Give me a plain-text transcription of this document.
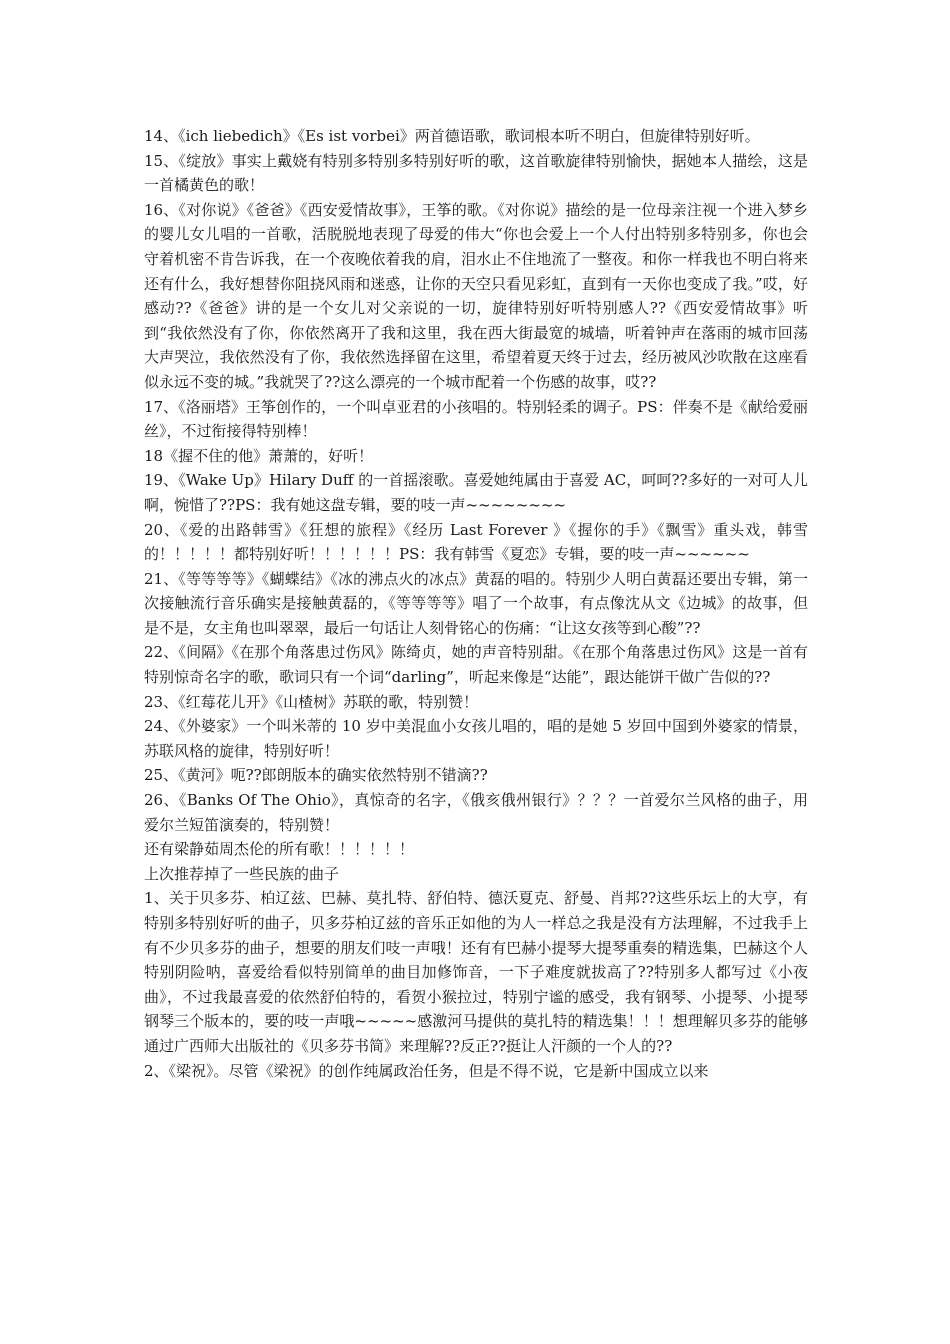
14、《ich liebedich》《Es ist vorbei》两首德语歌，歌词根本听不明白，但旋律特别好听。

15、《绽放》事实上戴娆有特别多特别多特别好听的歌，这首歌旋律特别愉快，据她本人描绘，这是一首橘黄色的歌！

16、《对你说》《爸爸》《西安爱情故事》，王筝的歌。《对你说》描绘的是一位母亲注视一个进入梦乡的婴儿女儿唱的一首歌，活脱脱地表现了母爱的伟大“你也会爱上一个人付出特别多特别多，你也会守着机密不肯告诉我，在一个夜晚依着我的肩，泪水止不住地流了一整夜。和你一样我也不明白将来还有什么，我好想替你阻挠风雨和迷惑，让你的天空只看见彩虹，直到有一天你也变成了我。”哎，好感动??《爸爸》讲的是一个女儿对父亲说的一切，旋律特别好听特别感人??《西安爱情故事》听到“我依然没有了你，你依然离开了我和这里，我在西大街最宽的城墙，听着钟声在落雨的城市回荡大声哭泣，我依然没有了你，我依然选择留在这里，希望着夏天终于过去，经历被风沙吹散在这座看似永远不变的城。”我就哭了??这么漂亮的一个城市配着一个伤感的故事，哎??

17、《洛丽塔》王筝创作的，一个叫卓亚君的小孩唱的。特别轻柔的调子。PS：伴奏不是《献给爱丽丝》，不过衔接得特别棒！

18《握不住的他》萧萧的，好听！

19、《Wake Up》Hilary Duff 的一首摇滚歌。喜爱她纯属由于喜爱 AC，呵呵??多好的一对可人儿啊，惋惜了??PS：我有她这盘专辑，要的吱一声~~~~~~~~

20、《爱的出路韩雪》《狂想的旅程》《经历 Last Forever 》《握你的手》《飘雪》重头戏，韩雪的！！！！！都特别好听！！！！！！PS：我有韩雪《夏恋》专辑，要的吱一声~~~~~~

21、《等等等等》《蝴蝶结》《冰的沸点火的冰点》黄磊的唱的。特别少人明白黄磊还要出专辑，第一次接触流行音乐确实是接触黄磊的，《等等等等》唱了一个故事，有点像沈从文《边城》的故事，但是不是，女主角也叫翠翠，最后一句话让人刻骨铭心的伤痛：“让这女孩等到心酸”??

22、《间隔》《在那个角落患过伤风》陈绮贞，她的声音特别甜。《在那个角落患过伤风》这是一首有特别惊奇名字的歌，歌词只有一个词“darling”，听起来像是“达能”，跟达能饼干做广告似的??

23、《红莓花儿开》《山楂树》苏联的歌，特别赞！

24、《外婆家》一个叫米蒂的 10 岁中美混血小女孩儿唱的，唱的是她 5 岁回中国到外婆家的情景，苏联风格的旋律，特别好听！

25、《黄河》呃??郎朗版本的确实依然特别不错滴??

26、《Banks Of The Ohio》，真惊奇的名字，《俄亥俄州银行》？？？一首爱尔兰风格的曲子，用爱尔兰短笛演奏的，特别赞！

还有梁静茹周杰伦的所有歌！！！！！！

上次推荐掉了一些民族的曲子

1、关于贝多芬、柏辽兹、巴赫、莫扎特、舒伯特、德沃夏克、舒曼、肖邦??这些乐坛上的大亨，有特别多特别好听的曲子，贝多芬柏辽兹的音乐正如他的为人一样总之我是没有方法理解，不过我手上有不少贝多芬的曲子，想要的朋友们吱一声哦！还有有巴赫小提琴大提琴重奏的精选集，巴赫这个人特别阴险呐，喜爱给看似特别简单的曲目加修饰音，一下子难度就拔高了??特别多人都写过《小夜曲》，不过我最喜爱的依然舒伯特的，看贺小猴拉过，特别宁谧的感受，我有钢琴、小提琴、小提琴钢琴三个版本的，要的吱一声哦~~~~~感激河马提供的莫扎特的精选集！！！想理解贝多芬的能够通过广西师大出版社的《贝多芬书简》来理解??反正??挺让人汗颜的一个人的??

2、《梁祝》。尽管《梁祝》的创作纯属政治任务，但是不得不说，它是新中国成立以来
